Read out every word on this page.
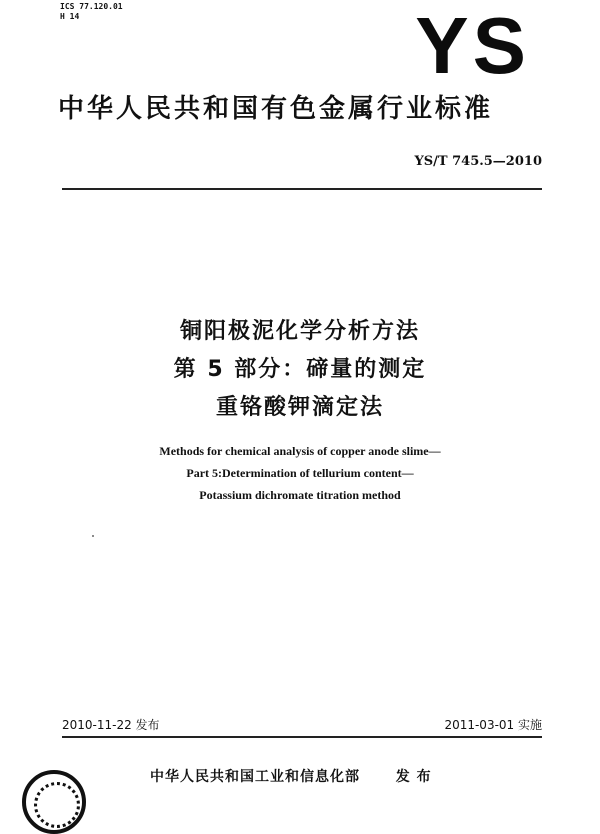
ICS 77.120.01
H 14	YS
中华人民共和国有色金属行业标准
YS/T 745.5—2010
铜阳极泥化学分析方法
第 5 部分：碲量的测定
重铬酸钾滴定法
Methods for chemical analysis of copper anode slime—
Part 5:Determination of tellurium content—
Potassium dichromate titration method
2010-11-22 发布	2011-03-01 实施
中华人民共和国工业和信息化部	发 布
